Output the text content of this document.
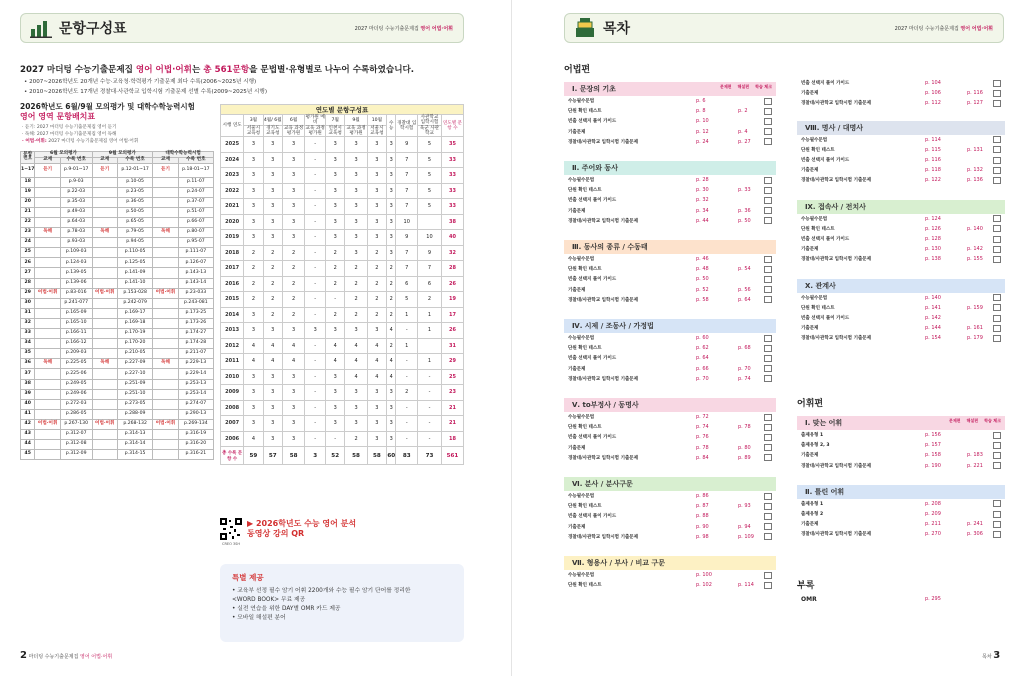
문항구성표	2027 마더텅 수능기출문제집 영어 어법·어휘
2027 마더텅 수능기출문제집 영어 어법·어휘는 총 561문항을 문법별·유형별로 나누어 수록하였습니다.
• 2007~2026학년도 20개년 수능·교육청·학력평가 기출문제 최다 수록(2006~2025년 시행)
• 2010~2026학년도 17개년 경찰대·사관학교 입학시험 기출문제 선별 수록(2009~2025년 시행)
2026학년도 6월/9월 모의평가 및 대학수학능력시험
영어 영역 문항배치표
· 듣기: 2027 마더텅 수능기출문제집 영어 듣기
· 독해: 2027 마더텅 수능기출문제집 영어 독해
· 어법·어휘: 2027 마더텅 수능기출문제집 영어 어법·어휘
문항 번호	6월 모의평가		9월 모의평가		대학수학능력시험	
	교재	수록 번호	교재	수록 번호	교재	수록 번호
1~17	듣기	p.9-01~17	듣기	p.12-01~17	듣기	p.18-01~17
18		p.9-03		p.10-05		p.11-07
19		p.22-03		p.23-05		p.24-07
20		p.35-03		p.36-05		p.37-07
21		p.49-03		p.50-05		p.51-07
22		p.64-03		p.65-05		p.66-07
23	독해	p.78-03	독해	p.79-05	독해	p.80-07
24		p.93-03		p.94-05		p.95-07
25		p.109-03		p.110-05		p.111-07
26		p.124-03		p.125-05		p.126-07
27		p.139-05		p.141-09		p.143-13
28		p.139-06		p.141-10		p.143-14
29	어법·어휘	p.83-016	어법·어휘	p.153-028	어법·어휘	p.23-033
30		p.241-077		p.242-079		p.243-081
31		p.165-09		p.169-17		p.173-25
32		p.165-10		p.169-18		p.173-26
33		p.166-11		p.170-19		p.174-27
34		p.166-12		p.170-20		p.174-28
35		p.209-03		p.210-05		p.211-07
36	독해	p.225-05	독해	p.227-09	독해	p.229-13
37		p.225-06		p.227-10		p.229-14
38		p.249-05		p.251-09		p.253-13
39		p.249-06		p.251-10		p.253-14
40		p.272-03		p.273-05		p.274-07
41		p.286-05		p.288-09		p.290-13
42	어법·어휘	p.267-130	어법·어휘	p.268-132	어법·어휘	p.269-134
43		p.312-07		p.314-13		p.316-19
44		p.312-08		p.314-14		p.316-20
45		p.312-09		p.314-15		p.316-21
연도별 문항구성표											
시행 연도	3월	4월/ 6월	6월	평가원 예비	7월	9월	10월	수능	경찰대 입학시험	사관학교 입학시험	연도별 문항 수
	서울시 교육청	경기도 교육청	교육 과정 평가원	교육 과정 평가원	인천시 교육청	교육 과정 평가원	서울시 교육청			육군 사관 학교	
2025	3	3	3	-	3	3	3	3	9	5	35
2024	3	3	3	-	3	3	3	3	7	5	33
2023	3	3	3	-	3	3	3	3	7	5	33
2022	3	3	3	-	3	3	3	3	7	5	33
2021	3	3	3	-	3	3	3	3	7	5	33
2020	3	3	3	-	3	3	3	3	10		38
2019	3	3	3	-	3	3	3	3	9	10	40
2018	2	2	2	-	2	3	2	3	7	9	32
2017	2	2	2	-	2	2	2	2	7	7	28
2016	2	2	2	-	2	2	2	2	6	6	26
2015	2	2	2	-	-	2	2	2	5	2	19
2014	3	2	2	-	2	2	2	2	1	1	17
2013	3	3	3	3	3	3	3	4	-	1	26
2012	4	4	4	-	4	4	4	2	1		31
2011	4	4	4	-	4	4	4	4	-	1	29
2010	3	3	3	-	3	4	4	4	-	-	25
2009	3	3	3	-	3	3	3	3	2	-	23
2008	3	3	3	-	3	3	3	3	-	-	21
2007	3	3	3	-	3	3	3	3	-	-	21
2006	4	3	3	-	-	2	3	3	-	-	18
총 수록 문항 수	59	57	58	3	52	58	58	60	83	73	561
▶ 2026학년도 수능 영어 분석
동영상 강의 QR
CREO 3SH
특별 제공
• 교육부 선정 필수 암기 어휘 2200개와 수능 필수 암기 단어를 정리한
<WORD BOOK> 무료 제공
• 실전 연습을 위한 DAY별 OMR 카드 제공
• 모바일 해설편 분어
2 마더텅 수능기출문제집 영어 어법·어휘
목차	2027 마더텅 수능기출문제집 영어 어법·어휘
어법편
어휘편
부록
OMR	p. 295
목차 3
Ⅰ. 문장의 기초	문제편 해설편 학습 체크
수능필수문법	p. 6
단원 확인 테스트	p. 8	p. 2
빈출 선택지 풀이 가이드	p. 10
기출문제	p. 12	p. 4
경찰대/사관학교 입학시험 기출문제	p. 24	p. 27
Ⅱ. 주어와 동사
수능필수문법	p. 28
단원 확인 테스트	p. 30	p. 33
빈출 선택지 풀이 가이드	p. 32
기출문제	p. 34	p. 36
경찰대/사관학교 입학시험 기출문제	p. 44	p. 50
Ⅲ. 동사의 종류 / 수동태
수능필수문법	p. 46
단원 확인 테스트	p. 48	p. 54
빈출 선택지 풀이 가이드	p. 50
기출문제	p. 52	p. 56
경찰대/사관학교 입학시험 기출문제	p. 58	p. 64
Ⅳ. 시제 / 조동사 / 가정법
수능필수문법	p. 60
단원 확인 테스트	p. 62	p. 68
빈출 선택지 풀이 가이드	p. 64
기출문제	p. 66	p. 70
경찰대/사관학교 입학시험 기출문제	p. 70	p. 74
Ⅴ. to부정사 / 동명사
수능필수문법	p. 72
단원 확인 테스트	p. 74	p. 78
빈출 선택지 풀이 가이드	p. 76
기출문제	p. 78	p. 80
경찰대/사관학교 입학시험 기출문제	p. 84	p. 89
Ⅵ. 분사 / 분사구문
수능필수문법	p. 86
단원 확인 테스트	p. 87	p. 93
빈출 선택지 풀이 가이드	p. 88
기출문제	p. 90	p. 94
경찰대/사관학교 입학시험 기출문제	p. 98	p. 109
Ⅶ. 형용사 / 부사 / 비교 구문
수능필수문법	p. 100
단원 확인 테스트	p. 102	p. 114
빈출 선택지 풀이 가이드	p. 104
기출문제	p. 106	p. 116
경찰대/사관학교 입학시험 기출문제	p. 112	p. 127
Ⅷ. 명사 / 대명사
수능필수문법	p. 114
단원 확인 테스트	p. 115	p. 131
빈출 선택지 풀이 가이드	p. 116
기출문제	p. 118	p. 132
경찰대/사관학교 입학시험 기출문제	p. 122	p. 136
Ⅸ. 접속사 / 전치사
수능필수문법	p. 124
단원 확인 테스트	p. 126	p. 140
빈출 선택지 풀이 가이드	p. 128
기출문제	p. 130	p. 142
경찰대/사관학교 입학시험 기출문제	p. 138	p. 155
Ⅹ. 관계사
수능필수문법	p. 140
단원 확인 테스트	p. 141	p. 159
빈출 선택지 풀이 가이드	p. 142
기출문제	p. 144	p. 161
경찰대/사관학교 입학시험 기출문제	p. 154	p. 179
Ⅰ. 맞는 어휘	문제편 해설편 학습 체크
출제유형 1	p. 156
출제유형 2, 3	p. 157
기출문제	p. 158	p. 183
경찰대/사관학교 입학시험 기출문제	p. 190	p. 221
Ⅱ. 틀린 어휘
출제유형 1	p. 208
출제유형 2	p. 209
기출문제	p. 211	p. 241
경찰대/사관학교 입학시험 기출문제	p. 270	p. 306
